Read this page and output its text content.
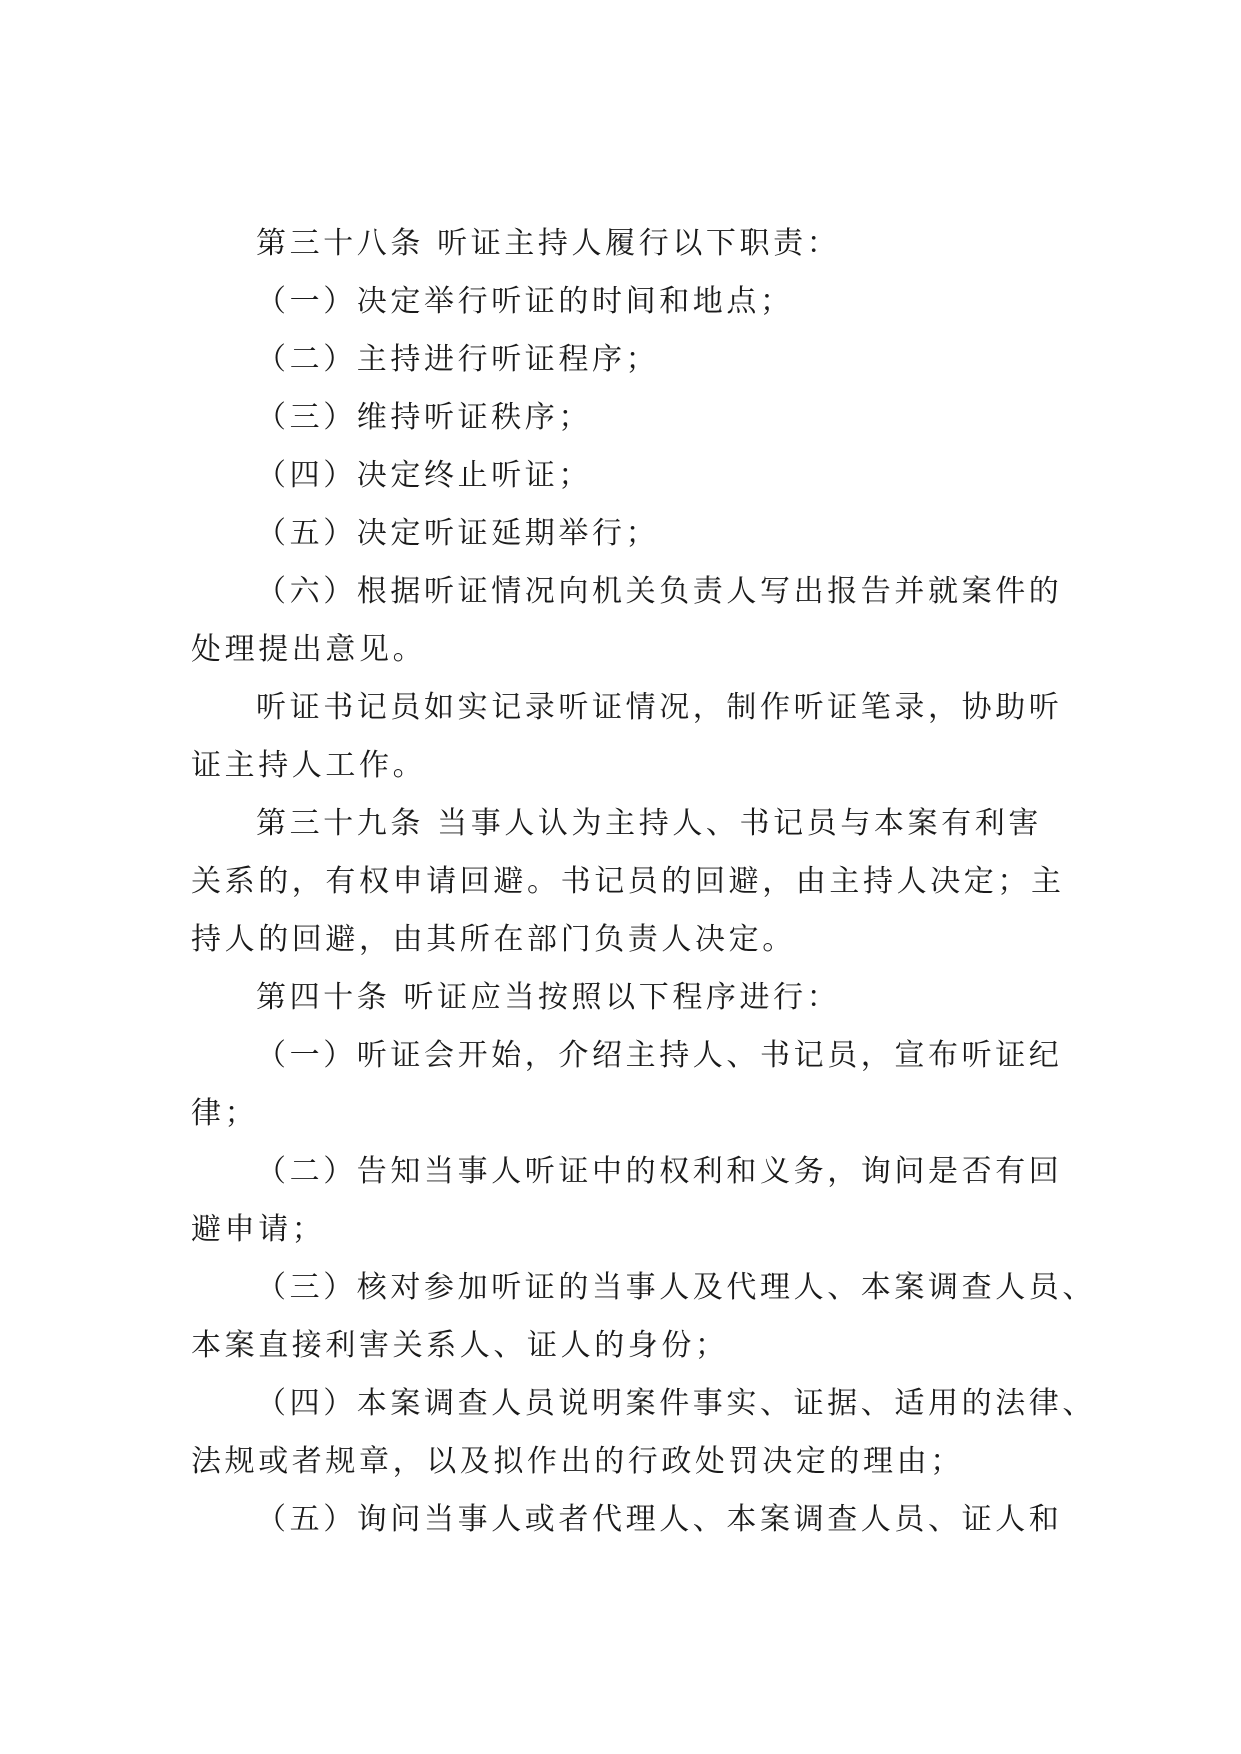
第三十八条 听证主持人履行以下职责：
（一）决定举行听证的时间和地点；
（二）主持进行听证程序；
（三）维持听证秩序；
（四）决定终止听证；
（五）决定听证延期举行；
（六）根据听证情况向机关负责人写出报告并就案件的
处理提出意见。
听证书记员如实记录听证情况，制作听证笔录，协助听
证主持人工作。
第三十九条 当事人认为主持人、书记员与本案有利害
关系的，有权申请回避。书记员的回避，由主持人决定；主
持人的回避，由其所在部门负责人决定。
第四十条 听证应当按照以下程序进行：
（一）听证会开始，介绍主持人、书记员，宣布听证纪
律；
（二）告知当事人听证中的权利和义务，询问是否有回
避申请；
（三）核对参加听证的当事人及代理人、本案调查人员、
本案直接利害关系人、证人的身份；
（四）本案调查人员说明案件事实、证据、适用的法律、
法规或者规章，以及拟作出的行政处罚决定的理由；
（五）询问当事人或者代理人、本案调查人员、证人和
